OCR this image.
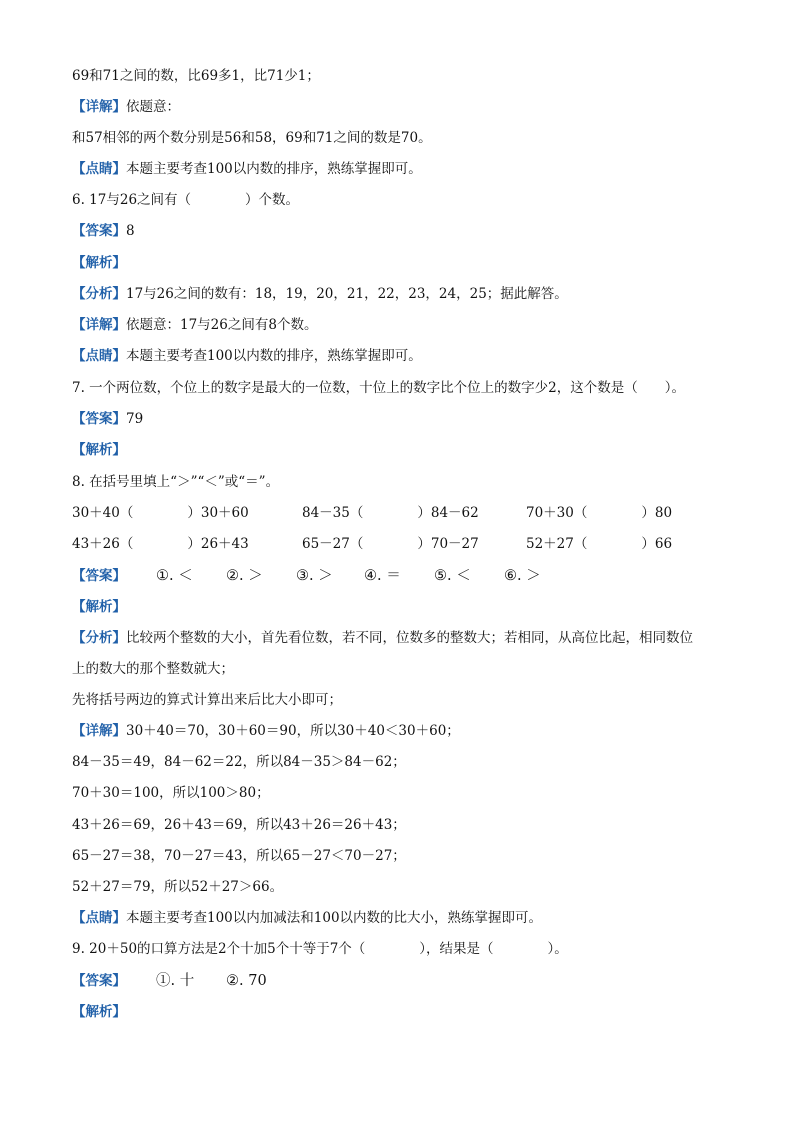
69和71之间的数，比69多1，比71少1；
【详解】依题意：
和57相邻的两个数分别是56和58，69和71之间的数是70。
【点睛】本题主要考查100以内数的排序，熟练掌握即可。
6. 17与26之间有（　　　　）个数。
【答案】8
【解析】
【分析】17与26之间的数有：18，19，20，21，22，23，24，25；据此解答。
【详解】依题意：17与26之间有8个数。
【点睛】本题主要考查100以内数的排序，熟练掌握即可。
7. 一个两位数，个位上的数字是最大的一位数，十位上的数字比个位上的数字少2，这个数是（　　）。
【答案】79
【解析】
8. 在括号里填上“＞”“＜”或“＝”。
30＋40（　　　　）30＋60	84－35（　　　　）84－62	70＋30（　　　　）80
43＋26（　　　　）26＋43	65－27（　　　　）70－27	52＋27（　　　　）66
【答案】 ①. ＜ ②. ＞ ③. ＞ ④. ＝ ⑤. ＜ ⑥. ＞
【解析】
【分析】比较两个整数的大小，首先看位数，若不同，位数多的整数大；若相同，从高位比起，相同数位
上的数大的那个整数就大；
先将括号两边的算式计算出来后比大小即可；
【详解】30＋40＝70，30＋60＝90，所以30＋40＜30＋60；
84－35＝49，84－62＝22，所以84－35＞84－62；
70＋30＝100，所以100＞80；
43＋26＝69，26＋43＝69，所以43＋26＝26＋43；
65－27＝38，70－27＝43，所以65－27＜70－27；
52＋27＝79，所以52＋27＞66。
【点睛】本题主要考查100以内加减法和100以内数的比大小，熟练掌握即可。
9. 20＋50的口算方法是2个十加5个十等于7个（　　　　），结果是（　　　　）。
【答案】 ①. 十 ②. 70
【解析】
